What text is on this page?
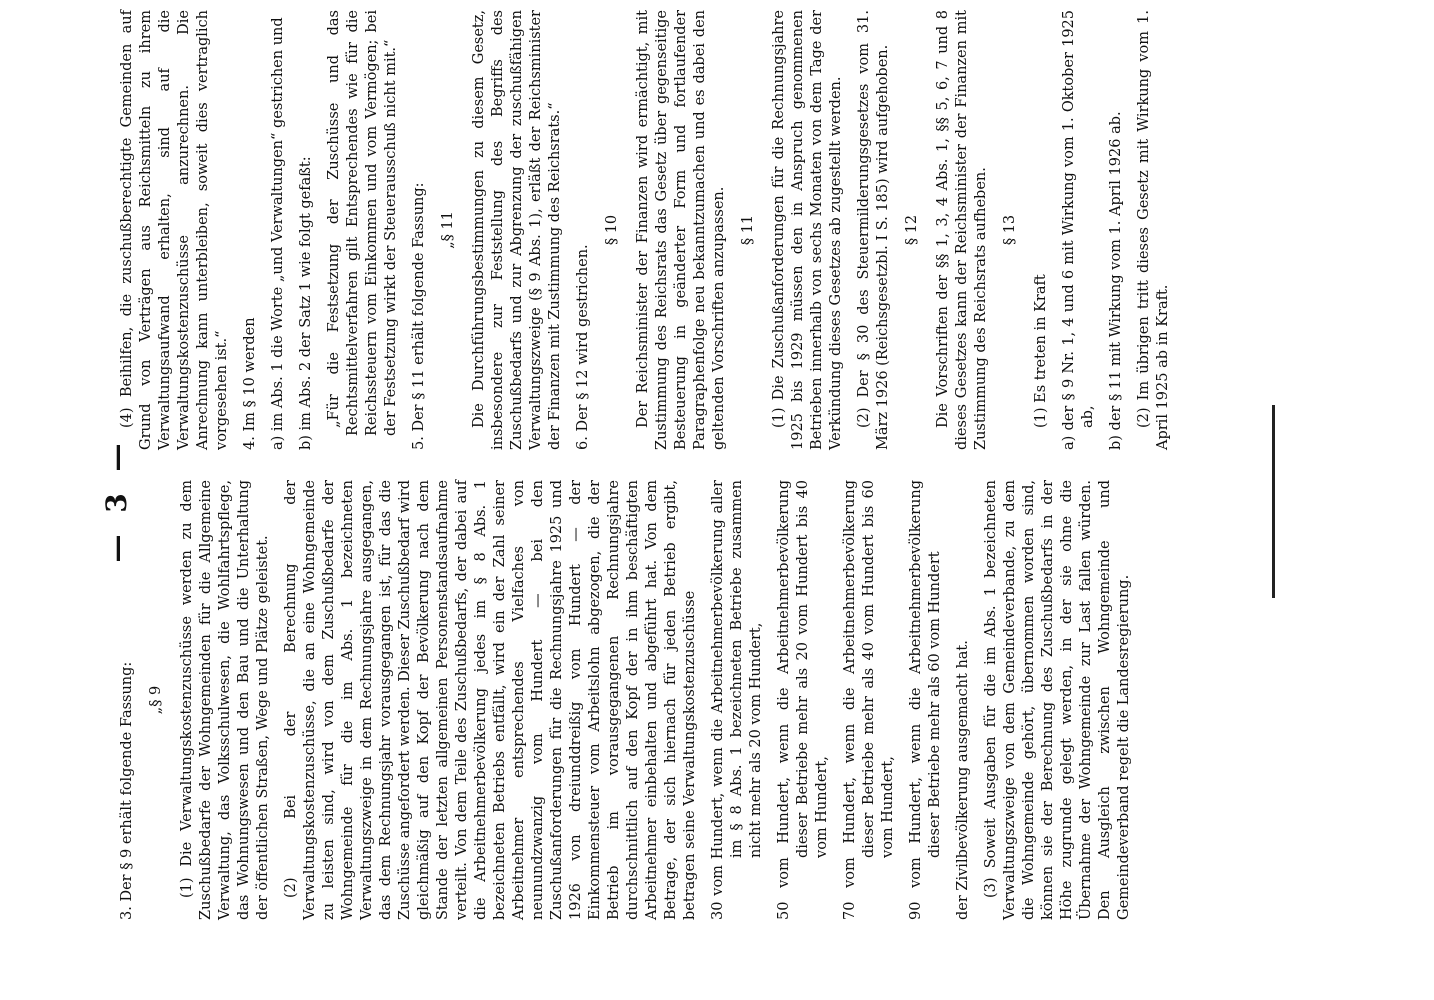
— 3 —

3. Der § 9 erhält folgende Fassung: „§ 9 (1) Die Verwaltungskostenzuschüsse werden zu dem Zuschußbedarfe der Wohngemeinden für die Allgemeine Verwaltung, das Volksschulwesen, die Wohlfahrtspflege, das Wohnungswesen und den Bau und die Unterhaltung der öffentlichen Straßen, Wege und Plätze geleistet. (2) Bei der Berechnung der Verwaltungskostenzuschüsse, die an eine Wohngemeinde zu leisten sind, wird von dem Zuschußbedarfe der Wohngemeinde für die im Abs. 1 bezeichneten Verwaltungszweige in dem Rechnungsjahre ausgegangen, das dem Rechnungsjahr vorausgegangen ist, für das die Zuschüsse angefordert werden. Dieser Zuschußbedarf wird gleichmäßig auf den Kopf der Bevölkerung nach dem Stande der letzten allgemeinen Personenstandsaufnahme verteilt. Von dem Teile des Zuschußbedarfs, der dabei auf die Arbeitnehmerbevölkerung jedes im § 8 Abs. 1 bezeichneten Betriebs entfällt, wird ein der Zahl seiner Arbeitnehmer entsprechendes Vielfaches von neunundzwanzig vom Hundert — bei den Zuschußanforderungen für die Rechnungsjahre 1925 und 1926 von dreiunddreißig vom Hundert — der Einkommensteuer vom Arbeitslohn abgezogen, die der Betrieb im vorausgegangenen Rechnungsjahre durchschnittlich auf den Kopf der in ihm beschäftigten Arbeitnehmer einbehalten und abgeführt hat. Von dem Betrage, der sich hiernach für jeden Betrieb ergibt, betragen seine Verwaltungskostenzuschüsse 30 vom Hundert, wenn die Arbeitnehmerbevölkerung aller im § 8 Abs. 1 bezeichneten Betriebe zusammen nicht mehr als 20 vom Hundert, 50 vom Hundert, wenn die Arbeitnehmerbevölkerung dieser Betriebe mehr als 20 vom Hundert bis 40 vom Hundert, 70 vom Hundert, wenn die Arbeitnehmerbevölkerung dieser Betriebe mehr als 40 vom Hundert bis 60 vom Hundert, 90 vom Hundert, wenn die Arbeitnehmerbevölkerung dieser Betriebe mehr als 60 vom Hundert der Zivilbevölkerung ausgemacht hat. (3) Soweit Ausgaben für die im Abs. 1 bezeichneten Verwaltungszweige von dem Gemeindeverbande, zu dem die Wohngemeinde gehört, übernommen worden sind, können sie der Berechnung des Zuschußbedarfs in der Höhe zugrunde gelegt werden, in der sie ohne die Übernahme der Wohngemeinde zur Last fallen würden. Den Ausgleich zwischen Wohngemeinde und Gemeindeverband regelt die Landesregierung.

(4) Beihilfen, die zuschußberechtigte Gemeinden auf Grund von Verträgen aus Reichsmitteln zu ihrem Verwaltungsaufwand erhalten, sind auf die Verwaltungskostenzuschüsse anzurechnen. Die Anrechnung kann unterbleiben, soweit dies vertraglich vorgesehen ist.“ 4. Im § 10 werden a) im Abs. 1 die Worte „und Verwaltungen“ gestrichen und b) im Abs. 2 der Satz 1 wie folgt gefaßt: „Für die Festsetzung der Zuschüsse und das Rechtsmittelverfahren gilt Entsprechendes wie für die Reichssteuern vom Einkommen und vom Vermögen; bei der Festsetzung wirkt der Steuerausschuß nicht mit.“ 5. Der § 11 erhält folgende Fassung: „§ 11 Die Durchführungsbestimmungen zu diesem Gesetz, insbesondere zur Feststellung des Begriffs des Zuschußbedarfs und zur Abgrenzung der zuschußfähigen Verwaltungszweige (§ 9 Abs. 1), erläßt der Reichsminister der Finanzen mit Zustimmung des Reichsrats.“ 6. Der § 12 wird gestrichen.

§ 10 Der Reichsminister der Finanzen wird ermächtigt, mit Zustimmung des Reichsrats das Gesetz über gegenseitige Besteuerung in geänderter Form und fortlaufender Paragraphenfolge neu bekanntzumachen und es dabei den geltenden Vorschriften anzupassen. § 11 (1) Die Zuschußanforderungen für die Rechnungsjahre 1925 bis 1929 müssen den in Anspruch genommenen Betrieben innerhalb von sechs Monaten von dem Tage der Verkündung dieses Gesetzes ab zugestellt werden. (2) Der § 30 des Steuermilderungsgesetzes vom 31. März 1926 (Reichsgesetzbl. I S. 185) wird aufgehoben. § 12 Die Vorschriften der §§ 1, 3, 4 Abs. 1, §§ 5, 6, 7 und 8 dieses Gesetzes kann der Reichsminister der Finanzen mit Zustimmung des Reichsrats aufheben. § 13

(1) Es treten in Kraft a) der § 9 Nr. 1, 4 und 6 mit Wirkung vom 1. Oktober 1925 ab, b) der § 11 mit Wirkung vom 1. April 1926 ab. (2) Im übrigen tritt dieses Gesetz mit Wirkung vom 1. April 1925 ab in Kraft.
